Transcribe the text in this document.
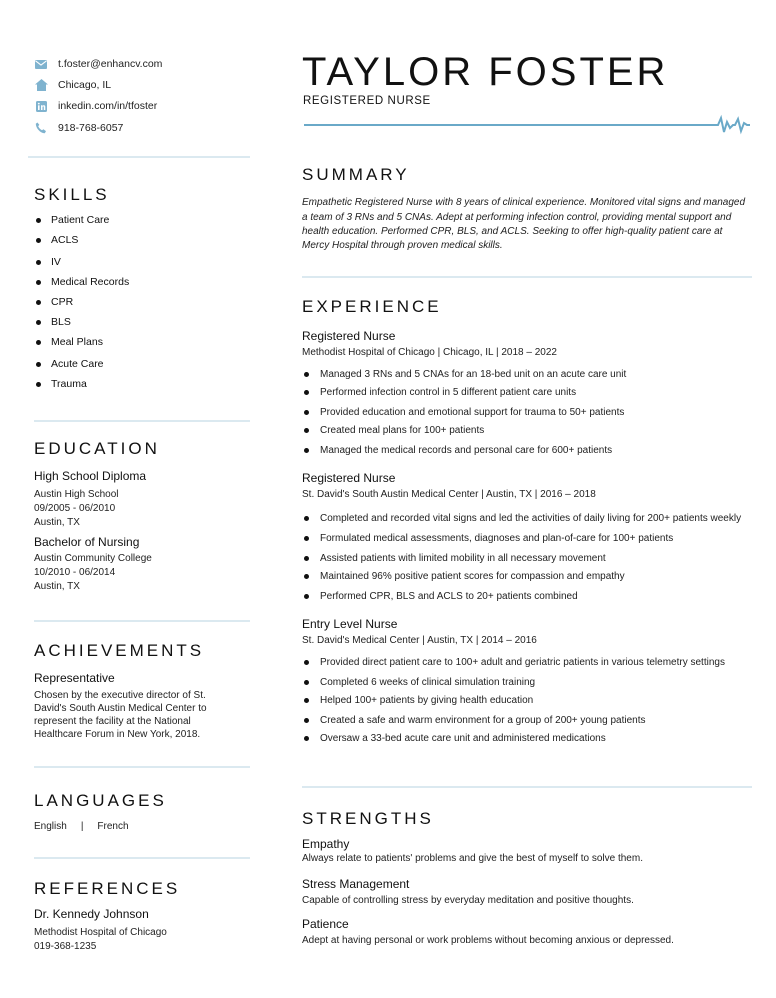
t.foster@enhancv.com
Chicago, IL
inkedin.com/in/tfoster
918-768-6057
SKILLS
Patient Care
ACLS
IV
Medical Records
CPR
BLS
Meal Plans
Acute Care
Trauma
EDUCATION
High School Diploma
Austin High School
09/2005 - 06/2010
Austin, TX
Bachelor of Nursing
Austin Community College
10/2010 - 06/2014
Austin, TX
ACHIEVEMENTS
Representative
Chosen by the executive director of St.
David's South Austin Medical Center to
represent the facility at the National
Healthcare Forum in New York, 2018.
LANGUAGES
English | French
REFERENCES
Dr. Kennedy Johnson
Methodist Hospital of Chicago
019-368-1235
TAYLOR FOSTER
REGISTERED NURSE
SUMMARY
Empathetic Registered Nurse with 8 years of clinical experience. Monitored vital signs and managed
a team of 3 RNs and 5 CNAs. Adept at performing infection control, providing mental support and
health education. Performed CPR, BLS, and ACLS. Seeking to offer high-quality patient care at
Mercy Hospital through proven medical skills.
EXPERIENCE
Registered Nurse
Methodist Hospital of Chicago | Chicago, IL | 2018 – 2022
Managed 3 RNs and 5 CNAs for an 18-bed unit on an acute care unit
Performed infection control in 5 different patient care units
Provided education and emotional support for trauma to 50+ patients
Created meal plans for 100+ patients
Managed the medical records and personal care for 600+ patients
Registered Nurse
St. David's South Austin Medical Center | Austin, TX | 2016 – 2018
Completed and recorded vital signs and led the activities of daily living for 200+ patients weekly
Formulated medical assessments, diagnoses and plan-of-care for 100+ patients
Assisted patients with limited mobility in all necessary movement
Maintained 96% positive patient scores for compassion and empathy
Performed CPR, BLS and ACLS to 20+ patients combined
Entry Level Nurse
St. David's Medical Center | Austin, TX | 2014 – 2016
Provided direct patient care to 100+ adult and geriatric patients in various telemetry settings
Completed 6 weeks of clinical simulation training
Helped 100+ patients by giving health education
Created a safe and warm environment for a group of 200+ young patients
Oversaw a 33-bed acute care unit and administered medications
STRENGTHS
Empathy
Always relate to patients' problems and give the best of myself to solve them.
Stress Management
Capable of controlling stress by everyday meditation and positive thoughts.
Patience
Adept at having personal or work problems without becoming anxious or depressed.
